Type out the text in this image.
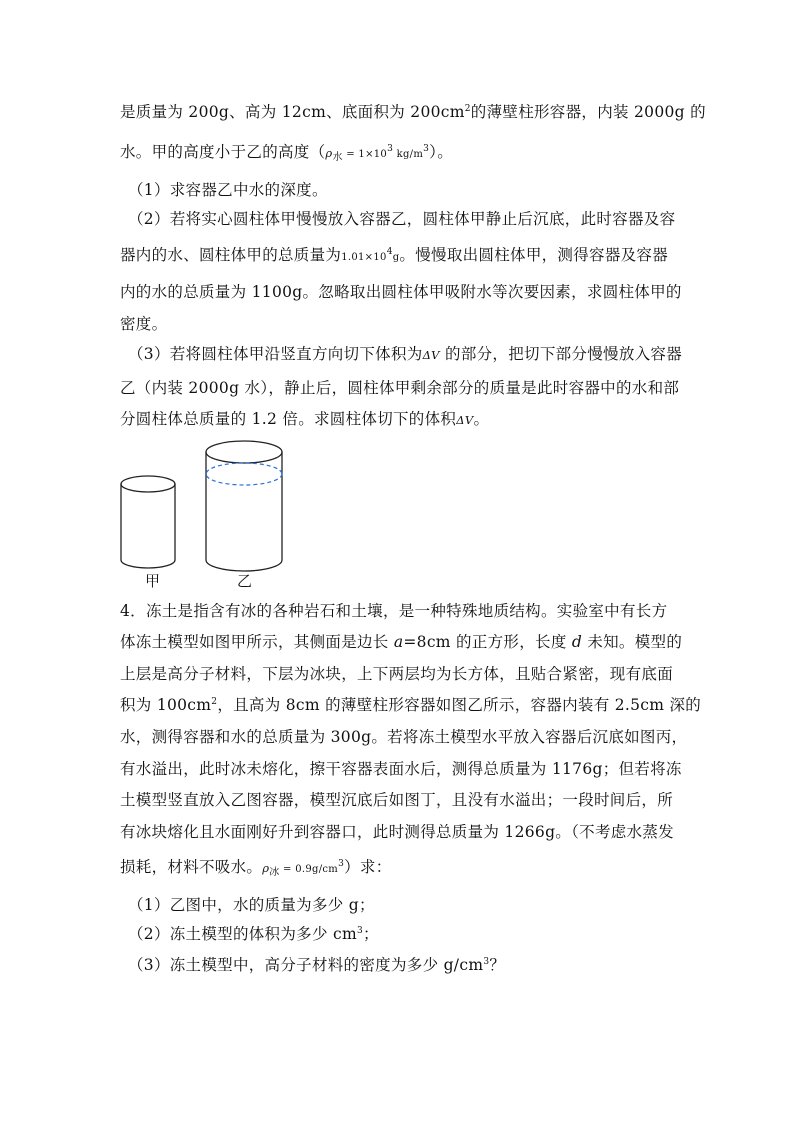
是质量为 200g、高为 12cm、底面积为 $200cm^2$的薄壁柱形容器，内装 2000g 的
水。甲的高度小于乙的高度（ρ水 = $1\times 10^3$ $kg/m^3$）。
（1）求容器乙中水的深度。
（2）若将实心圆柱体甲慢慢放入容器乙，圆柱体甲静止后沉底，此时容器及容
器内的水、圆柱体甲的总质量为$1.01\times 10^4g$。慢慢取出圆柱体甲，测得容器及容器
内的水的总质量为 1100g。忽略取出圆柱体甲吸附水等次要因素，求圆柱体甲的
密度。
（3）若将圆柱体甲沿竖直方向切下体积为ΔV 的部分，把切下部分慢慢放入容器
乙（内装 2000g 水），静止后，圆柱体甲剩余部分的质量是此时容器中的水和部
分圆柱体总质量的 1.2 倍。求圆柱体切下的体积ΔV。
甲	乙
4．冻土是指含有冰的各种岩石和土壤，是一种特殊地质结构。实验室中有长方
体冻土模型如图甲所示，其侧面是边长 a=8cm 的正方形，长度 d 未知。模型的
上层是高分子材料，下层为冰块，上下两层均为长方体，且贴合紧密，现有底面
积为 $100cm^2$，且高为 8cm 的薄壁柱形容器如图乙所示，容器内装有 2.5cm 深的
水，测得容器和水的总质量为 300g。若将冻土模型水平放入容器后沉底如图丙，
有水溢出，此时冰未熔化，擦干容器表面水后，测得总质量为 1176g；但若将冻
土模型竖直放入乙图容器，模型沉底后如图丁，且没有水溢出；一段时间后，所
有冰块熔化且水面刚好升到容器口，此时测得总质量为 1266g。（不考虑水蒸发
损耗，材料不吸水。ρ冰 = $0.9g/cm^3$）求：
（1）乙图中，水的质量为多少 g；
（2）冻土模型的体积为多少 $cm^3$；
（3）冻土模型中，高分子材料的密度为多少 $g/cm^3$？
